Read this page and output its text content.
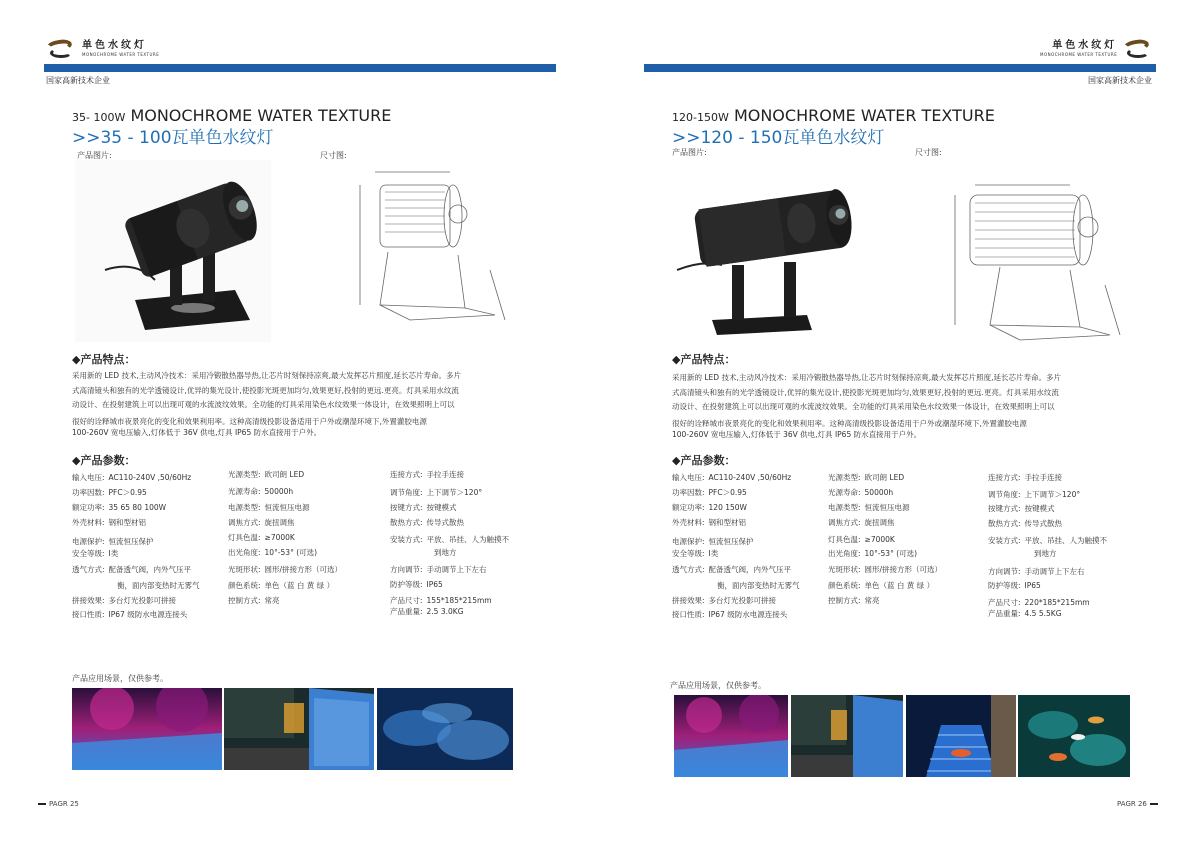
单色水纹灯
MONOCHROME WATER TEXTURE
国家高新技术企业
35- 100W MONOCHROME WATER TEXTURE
>>35 - 100瓦单色水纹灯
产品图片:	尺寸图:
◆产品特点：

采用新的 LED 技术,主动风冷技术：采用冷锻散热器导热,让芯片时刻保持凉爽,最大发挥芯片照度,延长芯片寿命。多片

式高清镜头和独有的光学透镜设计,优异的集光设计,使投影光斑更加均匀,效果更好,投射的更远.更亮。灯具采用水纹流

动设计、在投射建筑上可以出现可观的水流波纹效果。全功能的灯具采用染色水纹效果一体设计，在效果照明上可以

很好的诠释城市夜景亮化的变化和效果利用率。这种高清级投影设备适用于户外或潮湿环境下,外置灌胶电源

100-260V 宽电压输入,灯体低于 36V 供电,灯具 IP65 防水直接用于户外。

◆产品参数：
输入电压: AC110-240V ,50/60Hz
功率因数: PFC＞0.95
额定功率: 35 65 80 100W
外壳材料: 钢和型材铝
电源保护: 恒流恒压保护
安全等级: Ⅰ类
透气方式: 配备透气阀，内外气压平
衡，面内部变热时无雾气
拼接效果: 多台灯光投影可拼接
接口性质: IP67 级防水电源连接头
光源类型: 欧司朗 LED
光源寿命: 50000h
电源类型: 恒流恒压电源
调焦方式: 旋扭调焦
灯具色温: ≥7000K
出光角度: 10°-53° (可选)
光斑形状: 圆形/拼接方形（可选）
颜色系统: 单色（蓝 白 黄 绿 ）
控制方式: 常亮
连接方式: 手拉手连接
调节角度: 上下调节＞120°
按键方式: 按键模式
散热方式: 传导式散热
安装方式: 平放、吊挂、人为触摸不
到地方
方向调节: 手动调节上下左右
防护等级: IP65
产品尺寸: 155*185*215mm
产品重量: 2.5 3.0KG
产品应用场景，仅供参考。
PAGR 25
单色水纹灯
MONOCHROME WATER TEXTURE
国家高新技术企业
120-150W MONOCHROME WATER TEXTURE
>>120 - 150瓦单色水纹灯
产品图片:	尺寸图:
◆产品特点：

采用新的 LED 技术,主动风冷技术：采用冷锻散热器导热,让芯片时刻保持凉爽,最大发挥芯片照度,延长芯片寿命。多片

式高清镜头和独有的光学透镜设计,优异的集光设计,使投影光斑更加均匀,效果更好,投射的更远.更亮。灯具采用水纹流

动设计、在投射建筑上可以出现可观的水流波纹效果。全功能的灯具采用染色水纹效果一体设计，在效果照明上可以

很好的诠释城市夜景亮化的变化和效果利用率。这种高清级投影设备适用于户外或潮湿环境下,外置灌胶电源

100-260V 宽电压输入,灯体低于 36V 供电,灯具 IP65 防水直接用于户外。

◆产品参数：
输入电压: AC110-240V ,50/60Hz
功率因数: PFC＞0.95
额定功率: 120 150W
外壳材料: 钢和型材铝
电源保护: 恒流恒压保护
安全等级: Ⅰ类
透气方式: 配备透气阀，内外气压平
衡，面内部变热时无雾气
拼接效果: 多台灯光投影可拼接
接口性质: IP67 级防水电源连接头
光源类型: 欧司朗 LED
光源寿命: 50000h
电源类型: 恒流恒压电源
调焦方式: 旋扭调焦
灯具色温: ≥7000K
出光角度: 10°-53° (可选)
光斑形状: 圆形/拼接方形（可选）
颜色系统: 单色（蓝 白 黄 绿 ）
控制方式: 常亮
连接方式: 手拉手连接
调节角度: 上下调节＞120°
按键方式: 按键模式
散热方式: 传导式散热
安装方式: 平放、吊挂、人为触摸不
到地方
方向调节: 手动调节上下左右
防护等级: IP65
产品尺寸: 220*185*215mm
产品重量: 4.5 5.5KG
产品应用场景，仅供参考。
PAGR 26
